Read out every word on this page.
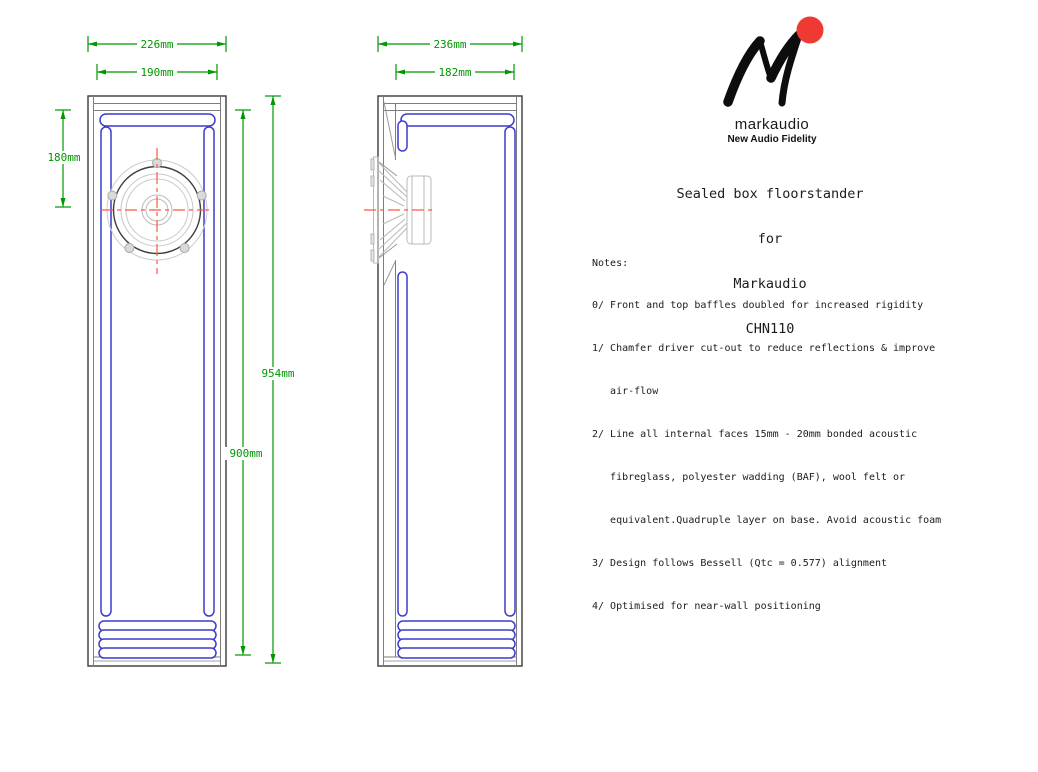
226mm
190mm
180mm
900mm
954mm
236mm
182mm
markaudio
New Audio Fidelity

Sealed box floorstander

for

Markaudio

CHN110

Notes:

0/ Front and top baffles doubled for increased rigidity

1/ Chamfer driver cut-out to reduce reflections & improve

air-flow

2/ Line all internal faces 15mm - 20mm bonded acoustic

fibreglass, polyester wadding (BAF), wool felt or

equivalent.Quadruple layer on base. Avoid acoustic foam

3/ Design follows Bessell (Qtc = 0.577) alignment

4/ Optimised for near-wall positioning
